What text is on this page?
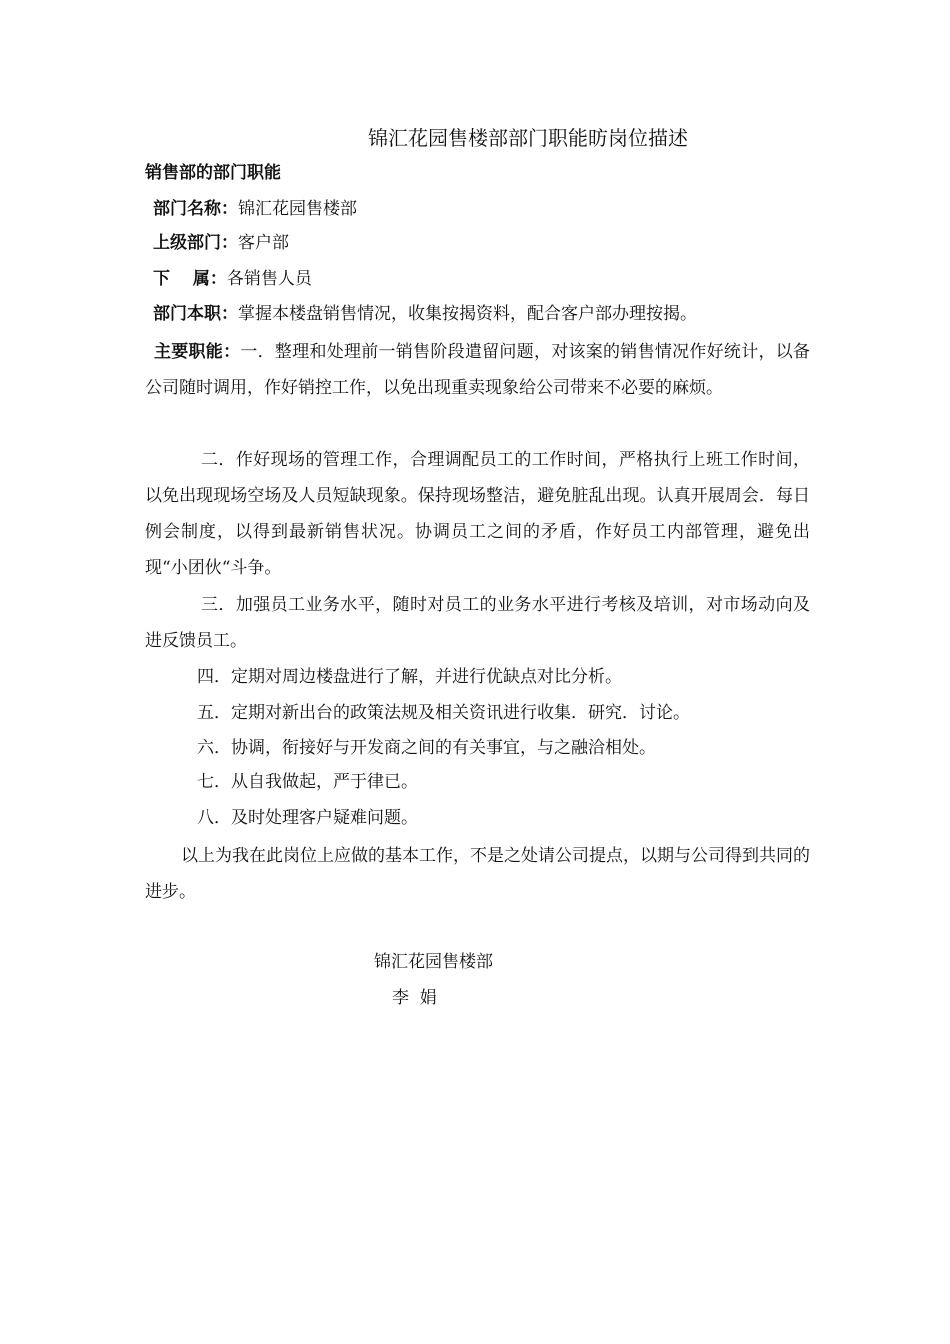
锦汇花园售楼部部门职能昉岗位描述
销售部的部门职能
部门名称：锦汇花园售楼部
上级部门：客户部
下　 属：各销售人员
部门本职：掌握本楼盘销售情况，收集按揭资料，配合客户部办理按揭。

主要职能：一．整理和处理前一销售阶段遣留问题，对该案的销售情况作好统计，以备公司随时调用，作好销控工作，以免出现重卖现象给公司带来不必要的麻烦。

二．作好现场的管理工作，合理调配员工的工作时间，严格执行上班工作时间，以免出现现场空场及人员短缺现象。保持现场整洁，避免脏乱出现。认真开展周会．每日例会制度，以得到最新销售状况。协调员工之间的矛盾，作好员工内部管理，避免出现“小团伙“斗争。

三．加强员工业务水平，随时对员工的业务水平进行考核及培训，对市场动向及进反馈员工。

四．定期对周边楼盘进行了解，并进行优缺点对比分析。
五．定期对新出台的政策法规及相关资讯进行收集．研究．讨论。
六．协调，衔接好与开发商之间的有关事宜，与之融洽相处。
七．从自我做起，严于律已。
八．及时处理客户疑难问题。

以上为我在此岗位上应做的基本工作，不是之处请公司提点，以期与公司得到共同的进步。

锦汇花园售楼部
李  娟
